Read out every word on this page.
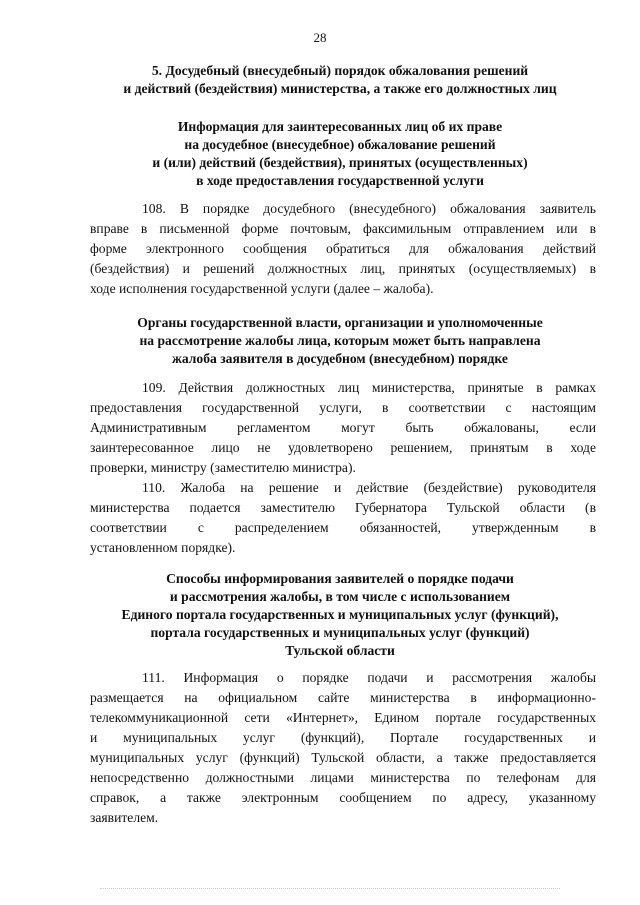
28
5. Досудебный (внесудебный) порядок обжалования решений
и действий (бездействия) министерства, а также его должностных лиц
Информация для заинтересованных лиц об их праве
на досудебное (внесудебное) обжалование решений
и (или) действий (бездействия), принятых (осуществленных)
в ходе предоставления государственной услуги
108. В порядке досудебного (внесудебного) обжалования заявитель
вправе в письменной форме почтовым, факсимильным отправлением или в
форме электронного сообщения обратиться для обжалования действий
(бездействия) и решений должностных лиц, принятых (осуществляемых) в
ходе исполнения государственной услуги (далее – жалоба).
Органы государственной власти, организации и уполномоченные
на рассмотрение жалобы лица, которым может быть направлена
жалоба заявителя в досудебном (внесудебном) порядке
109. Действия должностных лиц министерства, принятые в рамках
предоставления государственной услуги, в соответствии с настоящим
Административным регламентом могут быть обжалованы, если
заинтересованное лицо не удовлетворено решением, принятым в ходе
проверки, министру (заместителю министра).
110. Жалоба на решение и действие (бездействие) руководителя
министерства подается заместителю Губернатора Тульской области (в
соответствии с распределением обязанностей, утвержденным в
установленном порядке).
Способы информирования заявителей о порядке подачи
и рассмотрения жалобы, в том числе с использованием
Единого портала государственных и муниципальных услуг (функций),
портала государственных и муниципальных услуг (функций)
Тульской области
111. Информация о порядке подачи и рассмотрения жалобы
размещается на официальном сайте министерства в информационно-
телекоммуникационной сети «Интернет», Едином портале государственных
и муниципальных услуг (функций), Портале государственных и
муниципальных услуг (функций) Тульской области, а также предоставляется
непосредственно должностными лицами министерства по телефонам для
справок, а также электронным сообщением по адресу, указанному
заявителем.
